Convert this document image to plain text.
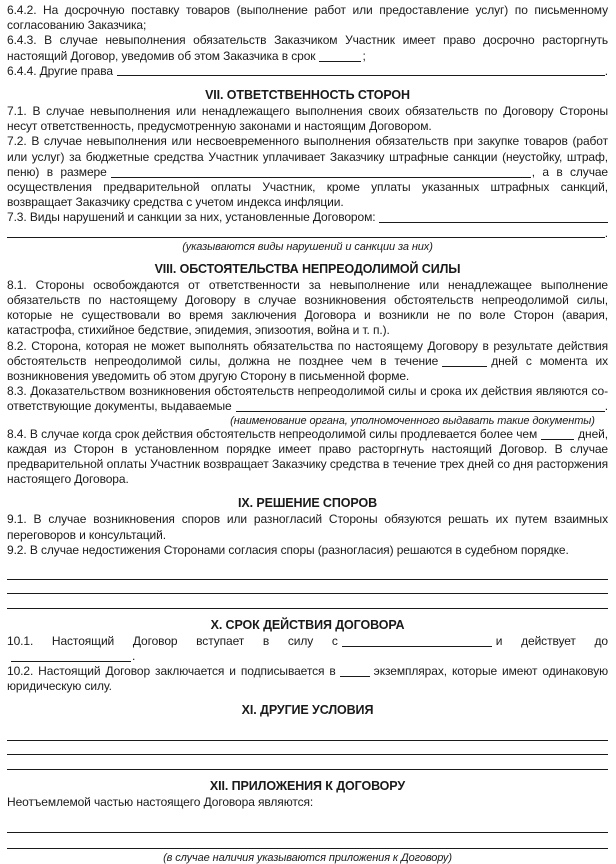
6.4.2. На досрочную поставку товаров (выполнение работ или предоставление услуг) по письменному согласованию Заказчика;

6.4.3. В случае невыполнения обязательств Заказчиком Участник имеет право досрочно расторгнуть настоящий Договор, уведомив об этом Заказчика в срок	;

6.4.4. Другие права	.
VII. ОТВЕТСТВЕННОСТЬ СТОРОН

7.1. В случае невыполнения или ненадлежащего выполнения своих обязательств по Договору Стороны несут ответственность, предусмотренную законами и настоящим Договором.

7.2. В случае невыполнения или несвоевременного выполнения обязательств при закупке товаров (работ или услуг) за бюджетные средства Участник уплачивает Заказчику штрафные санкции (неустойку, штраф, пеню) в размере	, а в случае осуществления предварительной оплаты Участник, кроме уплаты указанных штрафных санкций, возвращает Заказчику средства с учетом индекса инфляции.

7.3. Виды нарушений и санкции за них, установленные Договором:
.
(указываются виды нарушений и санкции за них)
VIII. ОБСТОЯТЕЛЬСТВА НЕПРЕОДОЛИМОЙ СИЛЫ

8.1. Стороны освобождаются от ответственности за невыполнение или ненадлежащее выполнение обязательств по настоящему Договору в случае возникновения обстоятельств непреодолимой силы, которые не существовали во время заключения Договора и возникли не по воле Сторон (авария, катастрофа, стихийное бедствие, эпидемия, эпизоотия, война и т. п.).

8.2. Сторона, которая не может выполнять обязательства по настоящему Договору в результате действия обстоятельств непреодолимой силы, должна не позднее чем в течение	дней с момента их возникновения уведомить об этом другую Сторону в письменной форме.

8.3. Доказательством возникновения обстоятельств непреодолимой силы и срока их действия являются со-
ответствующие документы, выдаваемые	.
(наименование органа, уполномоченного выдавать такие документы)

8.4. В случае когда срок действия обстоятельств непреодолимой силы продлевается более чем	дней, каждая из Сторон в установленном порядке имеет право расторгнуть настоящий Договор. В случае предварительной оплаты Участник возвращает Заказчику средства в течение трех дней со дня расторжения настоящего Договора.

IX. РЕШЕНИЕ СПОРОВ

9.1. В случае возникновения споров или разногласий Стороны обязуются решать их путем взаимных переговоров и консультаций.

9.2. В случае недостижения Сторонами согласия споры (разногласия) решаются в судебном порядке.

X. СРОК ДЕЙСТВИЯ ДОГОВОРА

10.1. Настоящий Договор вступает в силу с	и действует до.

10.2. Настоящий Договор заключается и подписывается в	экземплярах, которые имеют одинаковую юридическую силу.

XI. ДРУГИЕ УСЛОВИЯ
XII. ПРИЛОЖЕНИЯ К ДОГОВОРУ

Неотъемлемой частью настоящего Договора являются:

(в случае наличия указываются приложения к Договору)
